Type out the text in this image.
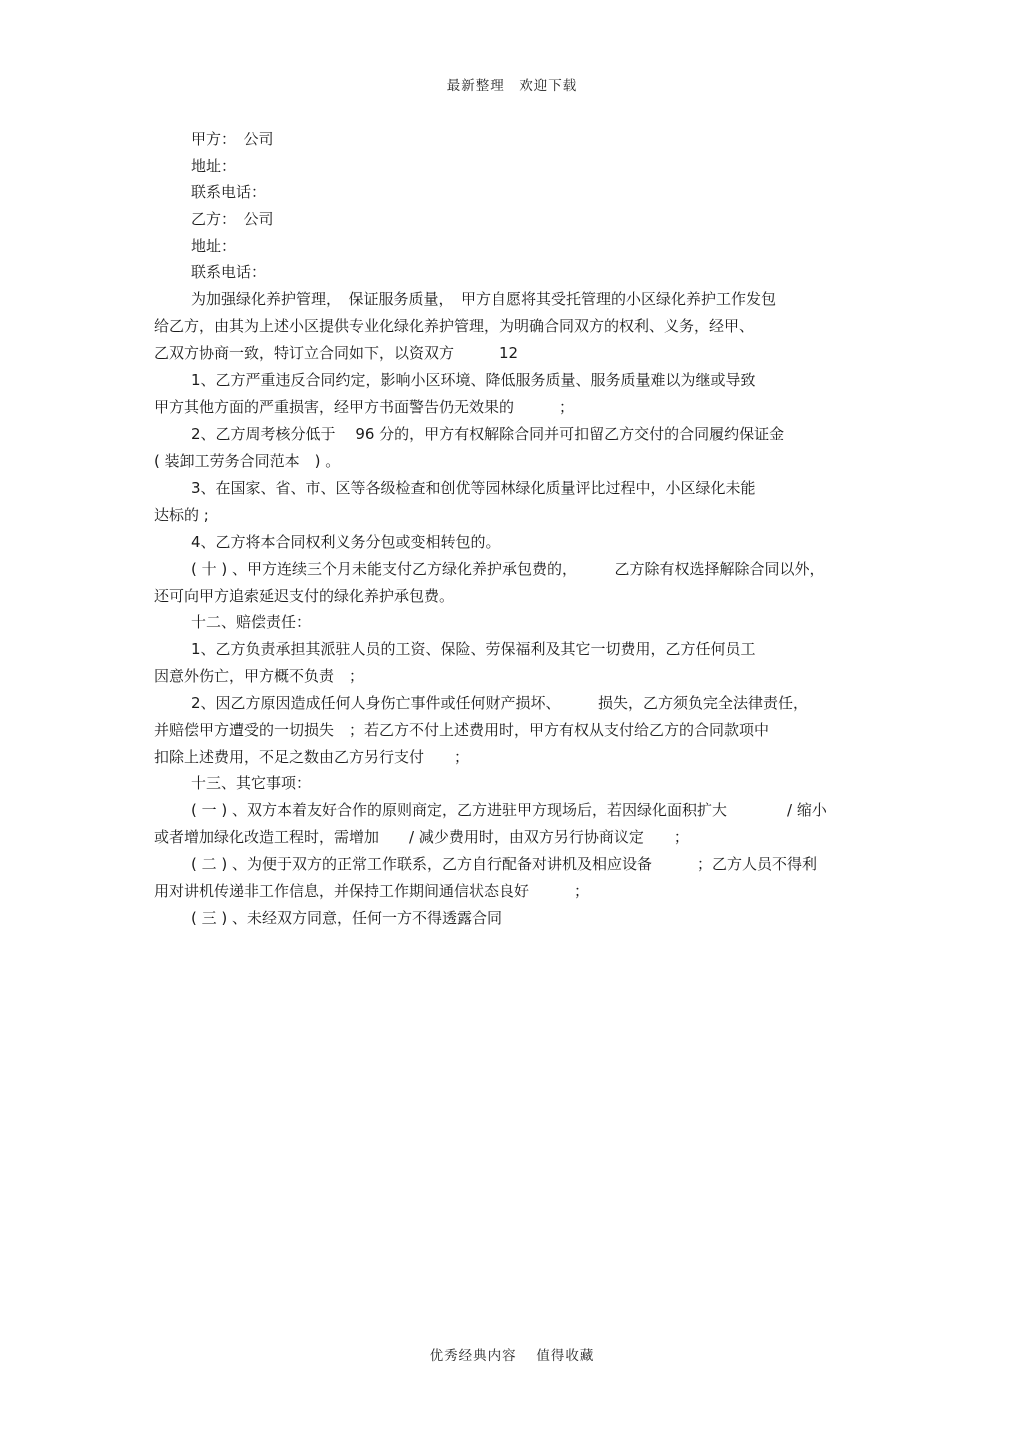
最新整理　欢迎下载
甲方：　公司
地址：
联系电话：
乙方：　公司
地址：
联系电话：
为加强绿化养护管理，　保证服务质量，　甲方自愿将其受托管理的小区绿化养护工作发包
给乙方，由其为上述小区提供专业化绿化养护管理，为明确合同双方的权利、义务，经甲、
乙双方协商一致，特订立合同如下，以资双方　　　12
1、乙方严重违反合同约定，影响小区环境、降低服务质量、服务质量难以为继或导致
甲方其他方面的严重损害，经甲方书面警告仍无效果的　　　；
2、乙方周考核分低于　 96 分的，甲方有权解除合同并可扣留乙方交付的合同履约保证金
( 装卸工劳务合同范本　) 。
3、在国家、省、市、区等各级检查和创优等园林绿化质量评比过程中，小区绿化未能
达标的 ;
4、乙方将本合同权利义务分包或变相转包的。
( 十 ) 、甲方连续三个月未能支付乙方绿化养护承包费的，　　　乙方除有权选择解除合同以外，
还可向甲方追索延迟支付的绿化养护承包费。
十二、赔偿责任：
1、乙方负责承担其派驻人员的工资、保险、劳保福利及其它一切费用，乙方任何员工
因意外伤亡，甲方概不负责　；
2、因乙方原因造成任何人身伤亡事件或任何财产损坏、　　　损失，乙方须负完全法律责任，
并赔偿甲方遭受的一切损失　；若乙方不付上述费用时，甲方有权从支付给乙方的合同款项中
扣除上述费用，不足之数由乙方另行支付　　；
十三、其它事项：
( 一 ) 、双方本着友好合作的原则商定，乙方进驻甲方现场后，若因绿化面积扩大　　　　/ 缩小
或者增加绿化改造工程时，需增加　　/ 减少费用时，由双方另行协商议定　　；
( 二 ) 、为便于双方的正常工作联系，乙方自行配备对讲机及相应设备　　　；乙方人员不得利
用对讲机传递非工作信息，并保持工作期间通信状态良好　　　；
( 三 ) 、未经双方同意，任何一方不得透露合同
优秀经典内容　 值得收藏
